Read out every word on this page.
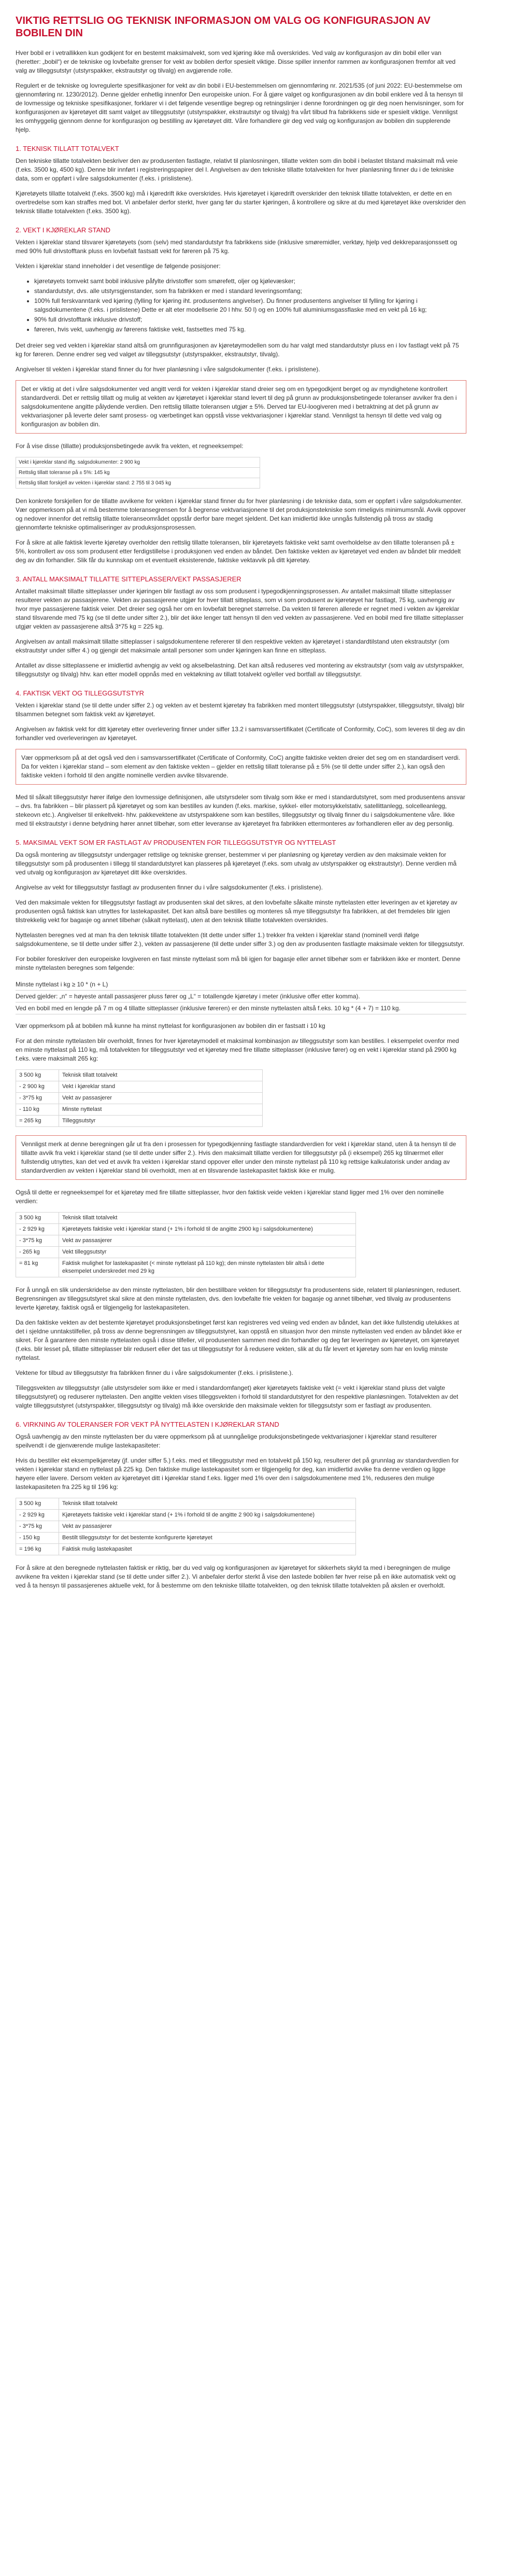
VIKTIG RETTSLIG OG TEKNISK INFORMASJON OM VALG OG KONFIGURASJON AV BOBILEN DIN

Hver bobil er i vetrallikken kun godkjent for en bestemt maksimalvekt, som ved kjøring ikke må overskrides. Ved valg av konfigurasjon av din bobil eller van (heretter: „bobil“) er de tekniske og lovbefalte grenser for vekt av bobilen derfor spesielt viktige. Disse spiller innenfor rammen av konfigurasjonen fremfor alt ved valg av tilleggsutstyr (utstyrspakker, ekstrautstyr og tilvalg) en avgjørende rolle.

Regulert er de tekniske og lovregulerte spesifikasjoner for vekt av din bobil i EU-bestemmelsen om gjennomføring nr. 2021/535 (of juni 2022: EU-bestemmelse om gjennomføring nr. 1230/2012). Denne gjelder enhetlig innenfor Den europeiske union. For å gjøre valget og konfigurasjonen av din bobil enklere ved å ta hensyn til de lovmessige og tekniske spesifikasjoner, forklarer vi i det følgende vesentlige begrep og retningslinjer i denne forordningen og gir deg noen henvisninger, som for konfigurasjonen av kjøretøyet ditt samt valget av tilleggsutstyr (utstyrspakker, ekstrautstyr og tilvalg) fra vårt tilbud fra fabrikkens side er spesielt viktige. Vennligst les omhyggelig gjennom denne for konfigurasjon og bestilling av kjøretøyet ditt. Våre forhandlere gir deg ved valg og konfigurasjon av bobilen din supplerende hjelp.

1. TEKNISK TILLATT TOTALVEKT

Den tekniske tillatte totalvekten beskriver den av produsenten fastlagte, relativt til planlosningen, tillatte vekten som din bobil i belastet tilstand maksimalt må veie (f.eks. 3500 kg, 4500 kg). Denne blir innført i registreringspapirer del I. Angivelsen av den tekniske tillatte totalvekten for hver planløsning finner du i de tekniske data, som er oppført i våre salgsdokumenter (f.eks. i prislistene).

Kjøretøyets tillatte totalvekt (f.eks. 3500 kg) må i kjøredrift ikke overskrides. Hvis kjøretøyet i kjøredrift overskrider den teknisk tillatte totalvekten, er dette en en overtredelse som kan straffes med bot. Vi anbefaler derfor sterkt, hver gang før du starter kjøringen, å kontrollere og sikre at du med kjøretøyet ikke overskrider den teknisk tillatte totalvekten (f.eks. 3500 kg).

2. VEKT I KJØREKLAR STAND

Vekten i kjøreklar stand tilsvarer kjøretøyets (som (selv) med standardutstyr fra fabrikkens side (inklusive smøremidler, verktøy, hjelp ved dekkreparasjonssett og med 90% full drivstofftank pluss en lovbefalt fastsatt vekt for føreren på 75 kg.

Vekten i kjøreklar stand inneholder i det vesentlige de følgende posisjoner:

• kjøretøyets tomvekt samt bobil inklusive påfylte drivstoffer som smørefett, oljer og kjølevæsker;
• standardutstyr, dvs. alle utstyrsgjenstander, som fra fabrikken er med i standard leveringsomfang;
• 100% full ferskvanntank ved kjøring (fylling for kjøring iht. produsentens angivelser). Du finner produsentens angivelser til fylling for kjøring i salgsdokumentene (f.eks. i prislistene) Dette er alt eter modellserie 20 l hhv. 50 l) og en 100% full aluminiumsgassflaske med en vekt på 16 kg;
• 90% full drivstofftank inklusive drivstoff;
• føreren, hvis vekt, uavhengig av førerens faktiske vekt, fastsettes med 75 kg.

Det dreier seg ved vekten i kjøreklar stand altså om grunnfigurasjonen av kjøretøymodellen som du har valgt med standardutstyr pluss en i lov fastlagt vekt på 75 kg for føreren. Denne endrer seg ved valget av tilleggsutstyr (utstyrspakker, ekstrautstyr, tilvalg).

Angivelser til vekten i kjøreklar stand finner du for hver planløsning i våre salgsdokumenter (f.eks. i prislistene).

Det er viktig at det i våre salgsdokumenter ved angitt verdi for vekten i kjøreklar stand dreier seg om en typegodkjent berget og av myndighetene kontrollert standardverdi. Det er rettslig tillatt og mulig at vekten av kjøretøyet i kjøreklar stand levert til deg på grunn av produksjonsbetingede toleranser avviker fra den i salgsdokumentene angitte pålydende verdien. Den rettslig tillatte toleransen utgjør ± 5%. Derved tar EU-loogiveren med i betraktning at det på grunn av vektvariasjoner på leverte deler samt prosess- og værbetinget kan oppstå visse vektvariasjoner i kjøreklar stand. Vennligst ta hensyn til dette ved valg og konfigurasjon av bobilen din.

For å vise disse (tillatte) produksjonsbetingede avvik fra vekten, et regneeksempel:

Vekt i kjøreklar stand iflg. salgsdokumenter: 2 900 kg
Rettslig tillatt toleranse på ± 5%: 145 kg
Rettslig tillatt forskjell av vekten i kjøreklar stand: 2 755 til 3 045 kg

Den konkrete forskjellen for de tillatte avvikene for vekten i kjøreklar stand finner du for hver planløsning i de tekniske data, som er oppført i våre salgsdokumenter. Vær oppmerksom på at vi må bestemme toleransegrensen for å begrense vektvariasjonene til det produksjonstekniske som rimeligvis minimumsmål. Avvik oppover og nedover innenfor det rettslig tillatte toleranseområdet oppstår derfor bare meget sjeldent. Det kan imidlertid ikke unngås fullstendig på tross av stadig gjennomførte tekniske optimaliseringer av produksjonsprosessen.

For å sikre at alle faktisk leverte kjøretøy overholder den rettslig tillatte toleransen, blir kjøretøyets faktiske vekt samt overholdelse av den tillatte toleransen på ± 5%, kontrollert av oss som produsent etter ferdigstillelse i produksjonen ved enden av båndet. Den faktiske vekten av kjøretøyet ved enden av båndet blir meddelt deg av din forhandler. Slik får du kunnskap om et eventuelt eksisterende, faktiske vektavvik på ditt kjøretøy.

3. ANTALL MAKSIMALT TILLATTE SITTEPLASSER/VEKT PASSASJERER

Antallet maksimalt tillatte sitteplasser under kjøringen blir fastlagt av oss som produsent i typegodkjenningsprosessen. Av antallet maksimalt tillatte sitteplasser resulterer vekten av passasjerene. Vekten av passasjerene utgjør for hver tillatt sitteplass, som vi som produsent av kjøretøyet har fastlagt, 75 kg, uavhengig av hvor mye passasjerene faktisk veier. Det dreier seg også her om en lovbefalt beregnet størrelse. Da vekten til føreren allerede er regnet med i vekten av kjøreklar stand tilsvarende med 75 kg (se til dette under sifter 2.), blir det ikke lenger tatt hensyn til den ved vekten av passasjerene. Ved en bobil med fire tillatte sitteplasser utgjør vekten av passasjerene altså 3*75 kg = 225 kg.

Angivelsen av antall maksimalt tillatte sitteplasser i salgsdokumentene refererer til den respektive vekten av kjøretøyet i standardtilstand uten ekstrautstyr (om ekstrautstyr under siffer 4.) og gjengir det maksimale antall personer som under kjøringen kan finne en sitteplass.

Antallet av disse sitteplassene er imidlertid avhengig av vekt og akselbelastning. Det kan altså reduseres ved montering av ekstrautstyr (som valg av utstyrspakker, tilleggsutstyr og tilvalg) hhv. kan etter modell oppnås med en vektøkning av tillatt totalvekt og/eller ved bortfall av tilleggsutstyr.

4. FAKTISK VEKT OG TILLEGGSUTSTYR

Vekten i kjøreklar stand (se til dette under siffer 2.) og vekten av et bestemt kjøretøy fra fabrikken med montert tilleggsutstyr (utstyrspakker, tilleggsutstyr, tilvalg) blir tilsammen betegnet som faktisk vekt av kjøretøyet.

Angivelsen av faktisk vekt for ditt kjøretøy etter overlevering finner under siffer 13.2 i samsvarssertifikatet (Certificate of Conformity, CoC), som leveres til deg av din forhandler ved overleveringen av kjøretøyet.

Vær oppmerksom på at det også ved den i samsvarssertifikatet (Certificate of Conformity, CoC) angitte faktiske vekten dreier det seg om en standardisert verdi. Da for vekten i kjøreklar stand – som element av den faktiske vekten – gjelder en rettslig tillatt toleranse på ± 5% (se til dette under siffer 2.), kan også den faktiske vekten i forhold til den angitte nominelle verdien avvike tilsvarende.

Med til såkalt tilleggsutstyr hører ifølge den lovmessige definisjonen, alle utstyrsdeler som tilvalg som ikke er med i standardutstyret, som med produsentens ansvar – dvs. fra fabrikken – blir plassert på kjøretøyet og som kan bestilles av kunden (f.eks. markise, sykkel- eller motorsykkelstativ, satellittanlegg, solcelleanlegg, stekeovn etc.). Angivelser til enkeltvekt- hhv. pakkevektene av utstyrspakkene som kan bestilles, tilleggsutstyr og tilvalg finner du i salgsdokumentene våre. Ikke med til ekstrautstyr i denne betydning hører annet tilbehør, som etter leveranse av kjøretøyet fra fabrikken ettermonteres av forhandleren eller av deg personlig.

5. MAKSIMAL VEKT SOM ER FASTLAGT AV PRODUSENTEN FOR TILLEGGSUTSTYR OG NYTTELAST

Da også montering av tilleggsutstyr undergager rettslige og tekniske grenser, bestemmer vi per planløsning og kjøretøy verdien av den maksimale vekten for tilleggsutstyr som på produsenten i tillegg til standardutstyret kan plasseres på kjøretøyet (f.eks. som utvalg av utstyrspakker og ekstrautstyr). Denne verdien må ved utvalg og konfigurasjon av kjøretøyet ditt ikke overskrides.

Angivelse av vekt for tilleggsutstyr fastlagt av produsenten finner du i våre salgsdokumenter (f.eks. i prislistene).

Ved den maksimale vekten for tilleggsutstyr fastlagt av produsenten skal det sikres, at den lovbefalte såkalte minste nyttelasten etter leveringen av et kjøretøy av produsenten også faktisk kan utnyttes for lastekapasitet. Det kan altså bare bestilles og monteres så mye tilleggsutstyr fra fabrikken, at det fremdeles blir igjen tilstrekkelig vekt for bagasje og annet tilbehør (såkalt nyttelast), uten at den teknisk tillatte totalvekten overskrides.

Nyttelasten beregnes ved at man fra den teknisk tillatte totalvekten (tit dette under siffer 1.) trekker fra vekten i kjøreklar stand (nominell verdi ifølge salgsdokumentene, se til dette under siffer 2.), vekten av passasjerene (til dette under siffer 3.) og den av produsenten fastlagte maksimale vekten for tilleggsutstyr.

For bobiler foreskriver den europeiske lovgiveren en fast minste nyttelast som må bli igjen for bagasje eller annet tilbehør som er fabrikken ikke er montert. Denne minste nyttelasten beregnes som følgende:

Minste nyttelast i kg ≥ 10 * (n + L)
Derved gjelder: „n“ = høyeste antall passasjerer pluss fører og „L“ = totallengde kjøretøy i meter (inklusive offer etter komma).
Ved en bobil med en lengde på 7 m og 4 tillatte sitteplasser (inklusive føreren) er den minste nyttelasten altså f.eks. 10 kg * (4 + 7) = 110 kg.

Vær oppmerksom på at bobilen må kunne ha minst nyttelast for konfigurasjonen av bobilen din er fastsatt i 10 kg

For at den minste nyttelasten blir overholdt, finnes for hver kjøretøymodell et maksimal kombinasjon av tilleggsutstyr som kan bestilles. I eksempelet ovenfor med en minste nyttelast på 110 kg, må totalvekten for tilleggsutstyr ved et kjøretøy med fire tillatte sitteplasser (inklusive fører) og en vekt i kjøreklar stand på 2900 kg f.eks. være maksimalt 265 kg:

3 500 kg	Teknisk tillatt totalvekt
- 2 900 kg	Vekt i kjøreklar stand
- 3*75 kg	Vekt av passasjerer
- 110 kg	Minste nyttelast
= 265 kg	Tilleggsutstyr

Vennligst merk at denne beregningen går ut fra den i prosessen for typegodkjenning fastlagte standardverdien for vekt i kjøreklar stand, uten å ta hensyn til de tillatte avvik fra vekt i kjøreklar stand (se til dette under siffer 2.). Hvis den maksimalt tillatte verdien for tilleggsutstyr på (i eksempel) 265 kg tilnærmet eller fullstendig utnyttes, kan det ved et avvik fra vekten i kjøreklar stand oppover eller under den minste nyttelast på 110 kg rettsige kalkulatorisk under andag av standardverdien av vekten i kjøreklar stand bli overholdt, men at en tilsvarende lastekapasitet faktisk ikke er mulig.

Også til dette er regneeksempel for et kjøretøy med fire tillatte sitteplasser, hvor den faktisk veide vekten i kjøreklar stand ligger med 1% over den nominelle verdien:

3 500 kg	Teknisk tillatt totalvekt
- 2 929 kg	Kjøretøyets faktiske vekt i kjøreklar stand (+ 1% i forhold til de angitte 2900 kg i salgsdokumentene)
- 3*75 kg	Vekt av passasjerer
- 265 kg	Vekt tilleggsutstyr
= 81 kg	Faktisk mulighet for lastekapasitet (< minste nyttelast på 110 kg); den minste nyttelasten blir altså i dette eksempelet underskredet med 29 kg

For å unngå en slik underskridelse av den minste nyttelasten, blir den bestillbare vekten for tilleggsutstyr fra produsentens side, relatert til planløsningen, redusert. Begrensningen av tilleggsutstyret skal sikre at den minste nyttelasten, dvs. den lovbefalte frie vekten for bagasje og annet tilbehør, ved tilvalg av produsentens leverte kjøretøy, faktisk også er tilgjengelig for lastekapasiteten.

Da den faktiske vekten av det bestemte kjøretøyet produksjonsbetinget først kan registreres ved veiing ved enden av båndet, kan det ikke fullstendig utelukkes at det i sjeldne unntakstilfeller, på tross av denne begrensningen av tilleggsutstyret, kan oppstå en situasjon hvor den minste nyttelasten ved enden av båndet ikke er sikret. For å garantere den minste nyttelasten også i disse tilfeller, vil produsenten sammen med din forhandler og deg før leveringen av kjøretøyet, om kjøretøyet (f.eks. blir lesset på, tillatte sitteplasser blir redusert eller det tas ut tilleggsutstyr for å redusere vekten, slik at du får levert et kjøretøy som har en lovlig minste nyttelast.

Vektene for tilbud av tilleggsutstyr fra fabrikken finner du i våre salgsdokumenter (f.eks. i prislistene.).

Tilleggsvekten av tilleggsutstyr (alle utstyrsdeler som ikke er med i standardomfanget) øker kjøretøyets faktiske vekt (= vekt i kjøreklar stand pluss det valgte tilleggsutstyret) og reduserer nyttelasten. Den angitte vekten vises tilleggsvekten i forhold til standardutstyret for den respektive planløsningen. Totalvekten av det valgte tilleggsutstyret (utstyrspakker, tilleggsutstyr og tilvalg) må ikke overskride den maksimale vekten for tilleggsutstyr som er fastlagt av produsenten.

6. VIRKNING AV TOLERANSER FOR VEKT PÅ NYTTELASTEN I KJØREKLAR STAND

Også uavhengig av den minste nyttelasten ber du være oppmerksom på at uunngåelige produksjonsbetingede vektvariasjoner i kjøreklar stand resulterer speilvendt i de gjenværende mulige lastekapasiteter:

Hvis du bestiller ekt eksempelkjøretøy (jf. under siffer 5.) f.eks. med et tilleggsutstyr med en totalvekt på 150 kg, resulterer det på grunnlag av standardverdien for vekten i kjøreklar stand en nyttelast på 225 kg. Den faktiske mulige lastekapasitet som er tilgjengelig for deg, kan imidlertid avvike fra denne verdien og ligge høyere eller lavere. Dersom vekten av kjøretøyet ditt i kjøreklar stand f.eks. ligger med 1% over den i salgsdokumentene med 1%, reduseres den mulige lastekapasiteten fra 225 kg til 196 kg:

3 500 kg	Teknisk tillatt totalvekt
- 2 929 kg	Kjøretøyets faktiske vekt i kjøreklar stand (+ 1% i forhold til de angitte 2 900 kg i salgsdokumentene)
- 3*75 kg	Vekt av passasjerer
- 150 kg	Bestilt tilleggsutstyr for det bestemte konfigurerte kjøretøyet
= 196 kg	Faktisk mulig lastekapasitet

For å sikre at den beregnede nyttelasten faktisk er riktig, bør du ved valg og konfigurasjonen av kjøretøyet for sikkerhets skyld ta med i beregningen de mulige avvikene fra vekten i kjøreklar stand (se til dette under siffer 2.). Vi anbefaler derfor sterkt å vise den lastede bobilen før hver reise på en ikke automatisk vekt og ved å ta hensyn til passasjerenes aktuelle vekt, for å bestemme om den tekniske tillatte totalvekten, og den teknisk tillatte totalvekten på akslen er overholdt.
